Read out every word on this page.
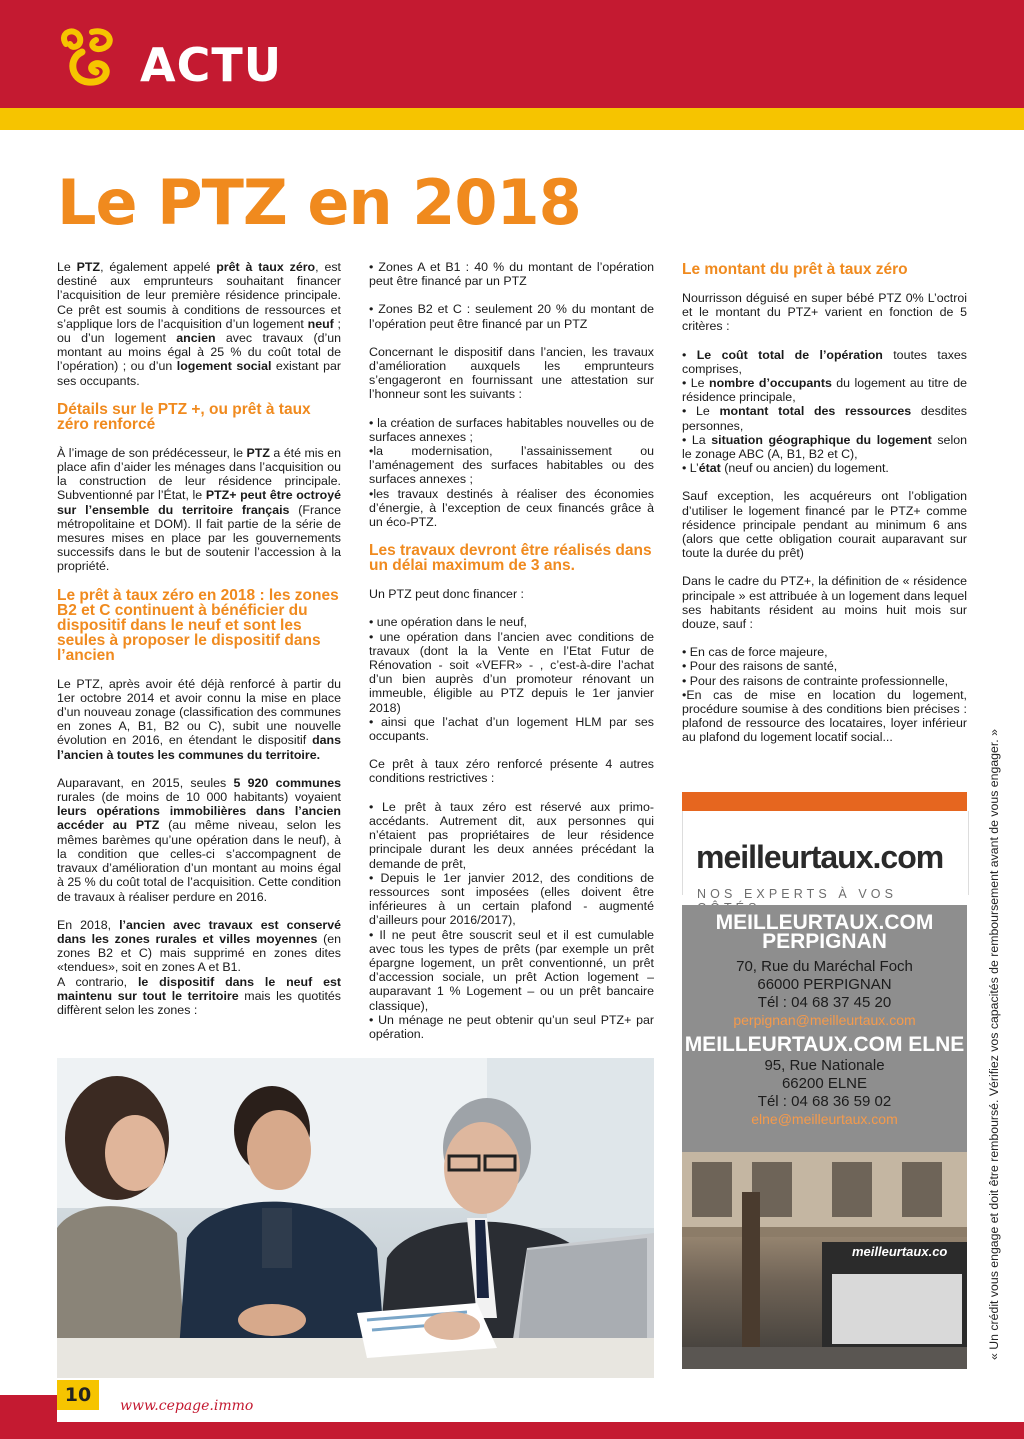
ACTU
Le PTZ en 2018

Le PTZ, également appelé prêt à taux zéro, est destiné aux emprunteurs souhaitant financer l’acquisition de leur première résidence principale. Ce prêt est soumis à conditions de ressources et s’applique lors de l’acquisition d’un logement neuf ; ou d’un logement ancien avec travaux (d’un montant au moins égal à 25 % du coût total de l’opération) ; ou d’un logement social existant par ses occupants.

Détails sur le PTZ +, ou prêt à taux zéro renforcé

À l’image de son prédécesseur, le PTZ a été mis en place afin d’aider les ménages dans l’acquisition ou la construction de leur résidence principale. Subventionné par l’État, le PTZ+ peut être octroyé sur l’ensemble du territoire français (France métropolitaine et DOM). Il fait partie de la série de mesures mises en place par les gouvernements successifs dans le but de soutenir l’accession à la propriété.

Le prêt à taux zéro en 2018 : les zones B2 et C continuent à bénéficier du dispositif dans le neuf et sont les seules à proposer le dispositif dans l’ancien

Le PTZ, après avoir été déjà renforcé à partir du 1er octobre 2014 et avoir connu la mise en place d’un nouveau zonage (classification des communes en zones A, B1, B2 ou C), subit une nouvelle évolution en 2016, en étendant le dispositif dans l’ancien à toutes les communes du territoire.

Auparavant, en 2015, seules 5 920 communes rurales (de moins de 10 000 habitants) voyaient leurs opérations immobilières dans l’ancien accéder au PTZ (au même niveau, selon les mêmes barèmes qu’une opération dans le neuf), à la condition que celles-ci s’accompagnent de travaux d’amélioration d’un montant au moins égal à 25 % du coût total de l’acquisition. Cette condition de travaux à réaliser perdure en 2016.

En 2018, l’ancien avec travaux est conservé dans les zones rurales et villes moyennes (en zones B2 et C) mais supprimé en zones dites «tendues», soit en zones A et B1.

A contrario, le dispositif dans le neuf est maintenu sur tout le territoire mais les quotités diffèrent selon les zones :

• Zones A et B1 : 40 % du montant de l’opération peut être financé par un PTZ

• Zones B2 et C : seulement 20 % du montant de l’opération peut être financé par un PTZ

Concernant le dispositif dans l’ancien, les travaux d’amélioration auxquels les emprunteurs s’engageront en fournissant une attestation sur l’honneur sont les suivants :

• la création de surfaces habitables nouvelles ou de surfaces annexes ;

•la modernisation, l’assainissement ou l’aménagement des surfaces habitables ou des surfaces annexes ;

•les travaux destinés à réaliser des économies d’énergie, à l’exception de ceux financés grâce à un éco-PTZ.

Les travaux devront être réalisés dans un délai maximum de 3 ans.

Un PTZ peut donc financer :

• une opération dans le neuf,

• une opération dans l’ancien avec conditions de travaux (dont la la Vente en l’Etat Futur de Rénovation - soit «VEFR» - , c’est-à-dire l’achat d’un bien auprès d’un promoteur rénovant un immeuble, éligible au PTZ depuis le 1er janvier 2018)

• ainsi que l’achat d’un logement HLM par ses occupants.

Ce prêt à taux zéro renforcé présente 4 autres conditions restrictives :

• Le prêt à taux zéro est réservé aux primo-accédants. Autrement dit, aux personnes qui n’étaient pas propriétaires de leur résidence principale durant les deux années précédant la demande de prêt,

• Depuis le 1er janvier 2012, des conditions de ressources sont imposées (elles doivent être inférieures à un certain plafond - augmenté d’ailleurs pour 2016/2017),

• Il ne peut être souscrit seul et il est cumulable avec tous les types de prêts (par exemple un prêt épargne logement, un prêt conventionné, un prêt d’accession sociale, un prêt Action logement – auparavant 1 % Logement – ou un prêt bancaire classique),

• Un ménage ne peut obtenir qu’un seul PTZ+ par opération.

Le montant du prêt à taux zéro

Nourrisson déguisé en super bébé PTZ 0% L’octroi et le montant du PTZ+ varient en fonction de 5 critères :

• Le coût total de l’opération toutes taxes comprises,

• Le nombre d’occupants du logement au titre de résidence principale,

• Le montant total des ressources desdites personnes,

• La situation géographique du logement selon le zonage ABC (A, B1, B2 et C),

• L’état (neuf ou ancien) du logement.

Sauf exception, les acquéreurs ont l’obligation d’utiliser le logement financé par le PTZ+ comme résidence principale pendant au minimum 6 ans (alors que cette obligation courait auparavant sur toute la durée du prêt)

Dans le cadre du PTZ+, la définition de « résidence principale » est attribuée à un logement dans lequel ses habitants résident au moins huit mois sur douze, sauf :

• En cas de force majeure,

• Pour des raisons de santé,

• Pour des raisons de contrainte professionnelle,

•En cas de mise en location du logement, procédure soumise à des conditions bien précises : plafond de ressource des locataires, loyer inférieur au plafond du logement locatif social...

meilleurtaux.com
NOS EXPERTS À VOS
MEILLEURTAUX.COM
PERPIGNAN
70, Rue du Maréchal Foch
66000 PERPIGNAN
Tél : 04 68 37 45 20
perpignan@meilleurtaux.com
MEILLEURTAUX.COM ELNE
95, Rue Nationale
66200 ELNE
Tél : 04 68 36 59 02
elne@meilleurtaux.com
meilleurtaux.co	« Un crédit vous engage et doit être remboursé. Vérifiez vos capacités de remboursement avant de vous engager. »
10	www.cepage.immo
